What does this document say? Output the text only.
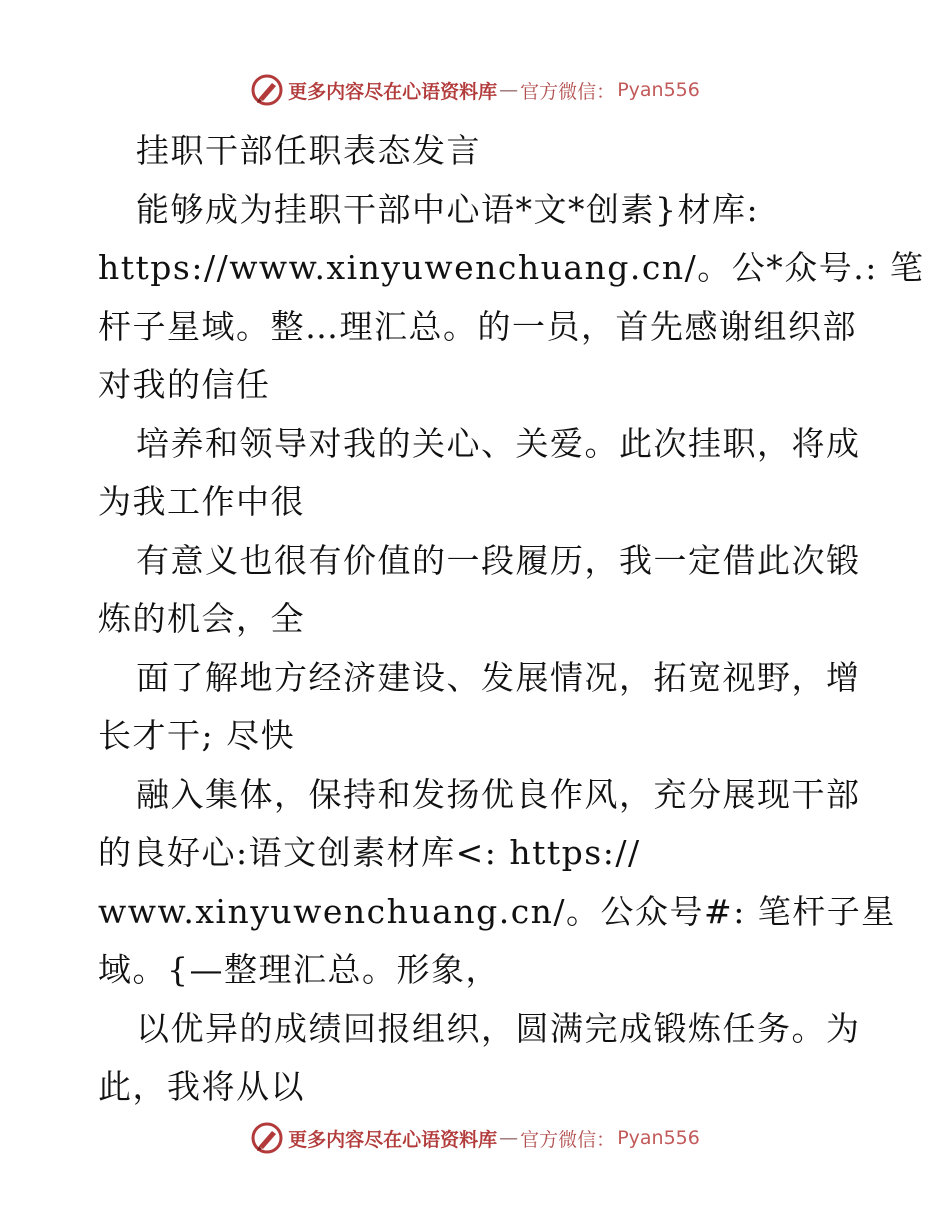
更多内容尽在心语资料库 — 官方微信： Pyan556
挂职干部任职表态发言
能够成为挂职干部中心语*文*创素}材库:
https://www.xinyuwenchuang.cn/。公*众号.: 笔
杆子星域。整…理汇总。的一员，首先感谢组织部
对我的信任
培养和领导对我的关心、关爱。此次挂职，将成
为我工作中很
有意义也很有价值的一段履历，我一定借此次锻
炼的机会，全
面了解地方经济建设、发展情况，拓宽视野，增
长才干; 尽快
融入集体，保持和发扬优良作风，充分展现干部
的良好心:语文创素材库<: https://
www.xinyuwenchuang.cn/。公众号#: 笔杆子星
域。{—整理汇总。形象，
以优异的成绩回报组织，圆满完成锻炼任务。为
此，我将从以
更多内容尽在心语资料库 — 官方微信： Pyan556
